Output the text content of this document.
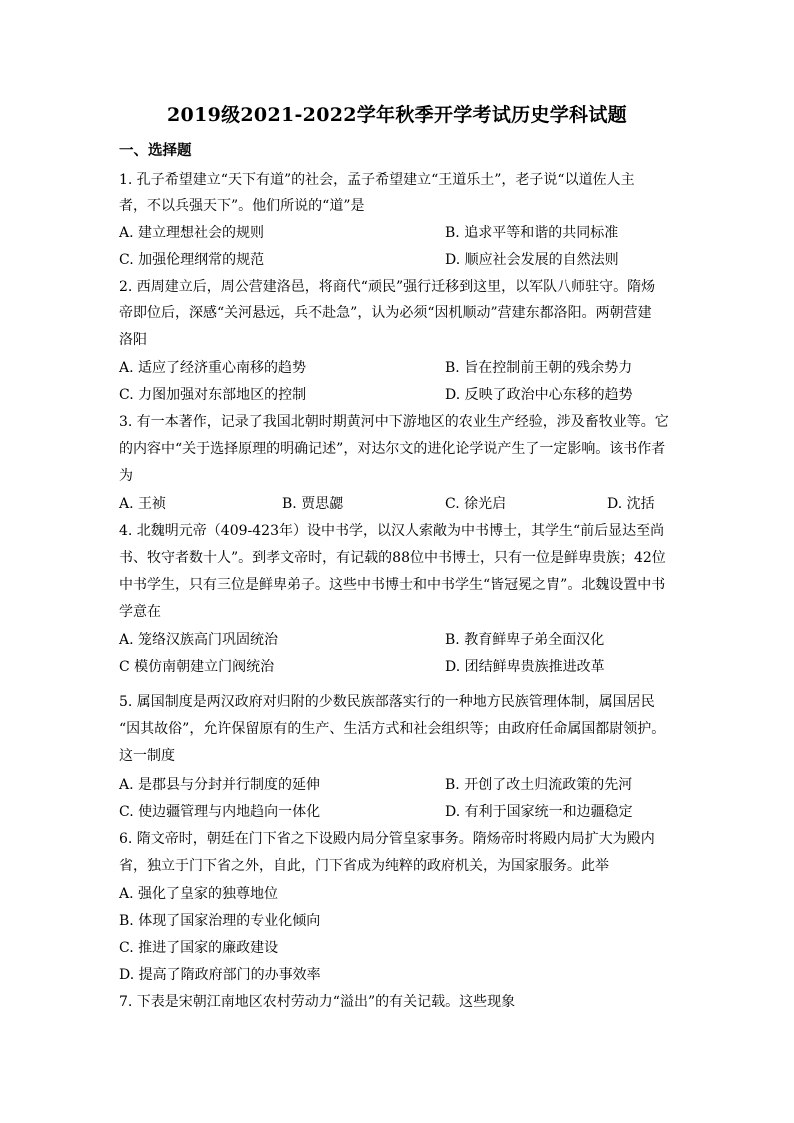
2019级2021-2022学年秋季开学考试历史学科试题
一、选择题
1. 孔子希望建立“天下有道”的社会，孟子希望建立“王道乐土”，老子说“以道佐人主
者，不以兵强天下”。他们所说的“道”是
A. 建立理想社会的规则	B. 追求平等和谐的共同标准
C. 加强伦理纲常的规范	D. 顺应社会发展的自然法则
2. 西周建立后，周公营建洛邑，将商代“顽民”强行迁移到这里，以军队八师驻守。隋炀
帝即位后，深感“关河悬远，兵不赴急”，认为必须“因机顺动”营建东都洛阳。两朝营建
洛阳
A. 适应了经济重心南移的趋势	B. 旨在控制前王朝的残余势力
C. 力图加强对东部地区的控制	D. 反映了政治中心东移的趋势
3. 有一本著作，记录了我国北朝时期黄河中下游地区的农业生产经验，涉及畜牧业等。它
的内容中“关于选择原理的明确记述”，对达尔文的进化论学说产生了一定影响。该书作者
为
A. 王祯	B. 贾思勰	C. 徐光启	D. 沈括
4. 北魏明元帝（409-423年）设中书学，以汉人索敞为中书博士，其学生“前后显达至尚
书、牧守者数十人”。到孝文帝时，有记载的88位中书博士，只有一位是鲜卑贵族；42位
中书学生，只有三位是鲜卑弟子。这些中书博士和中书学生“皆冠冕之胄”。北魏设置中书
学意在
A. 笼络汉族高门巩固统治	B. 教育鲜卑子弟全面汉化
C 模仿南朝建立门阀统治	D. 团结鲜卑贵族推进改革
5. 属国制度是两汉政府对归附的少数民族部落实行的一种地方民族管理体制，属国居民
“因其故俗”，允许保留原有的生产、生活方式和社会组织等；由政府任命属国都尉领护。
这一制度
A. 是郡县与分封并行制度的延伸	B. 开创了改土归流政策的先河
C. 使边疆管理与内地趋向一体化	D. 有利于国家统一和边疆稳定
6. 隋文帝时，朝廷在门下省之下设殿内局分管皇家事务。隋炀帝时将殿内局扩大为殿内
省，独立于门下省之外，自此，门下省成为纯粹的政府机关，为国家服务。此举
A. 强化了皇家的独尊地位
B. 体现了国家治理的专业化倾向
C. 推进了国家的廉政建设
D. 提高了隋政府部门的办事效率
7. 下表是宋朝江南地区农村劳动力“溢出”的有关记载。这些现象
